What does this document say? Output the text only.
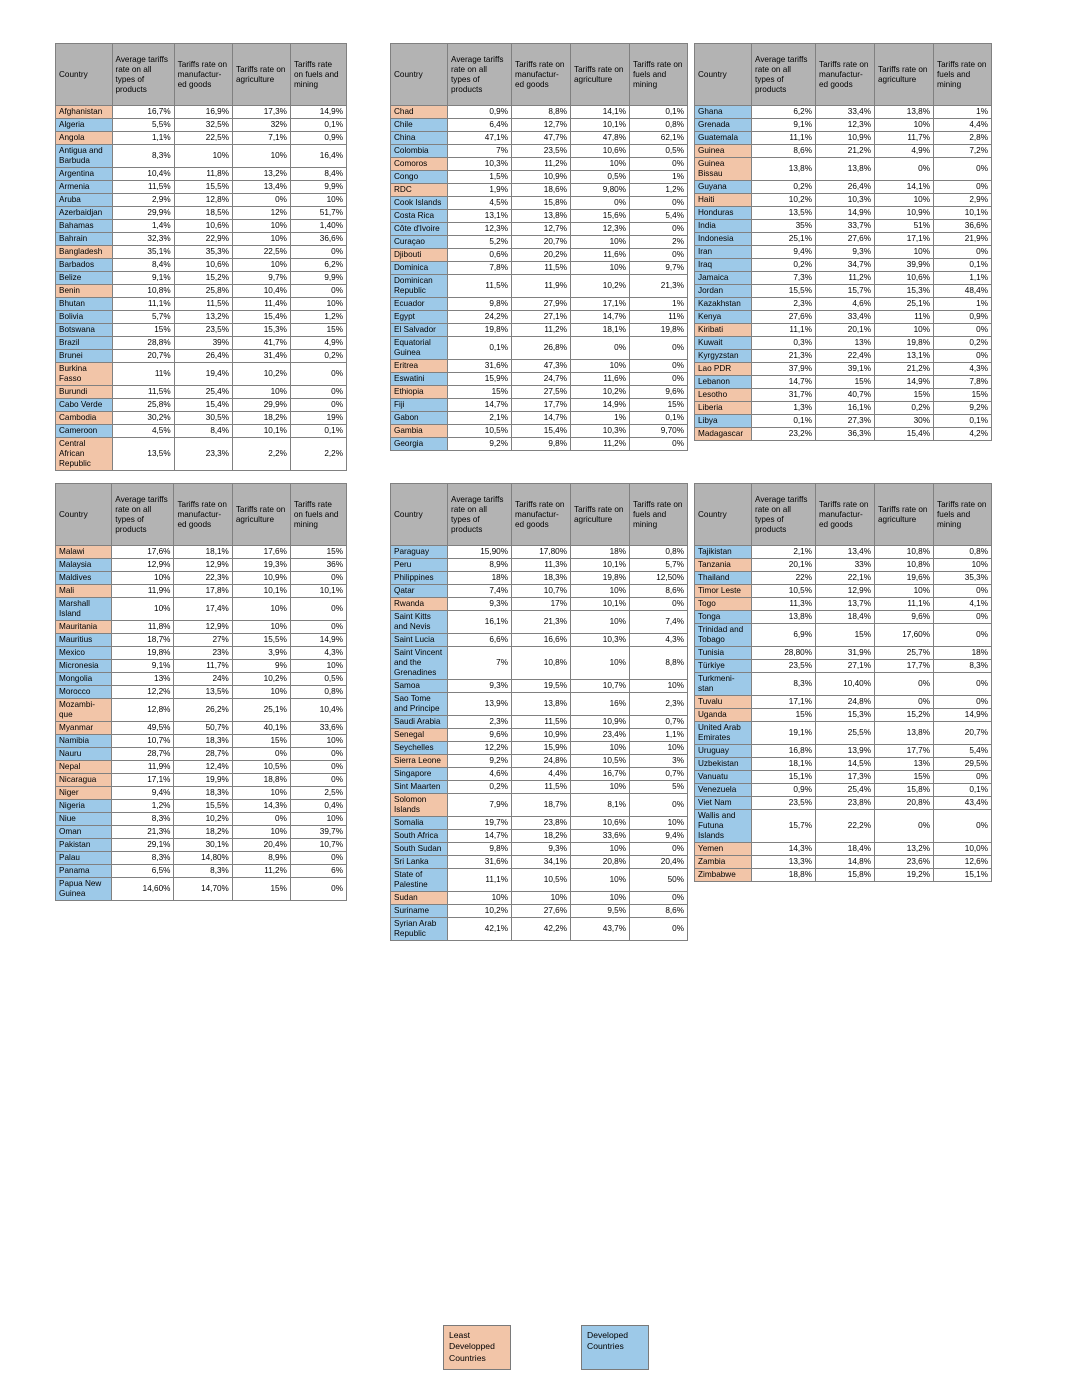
Country	Average tariffs rate on all types of products	Tariffs rate on manufactur-ed goods	Tariffs rate on agriculture	Tariffs rate on fuels and mining
Afghanistan	16,7%	16,9%	17,3%	14,9%
Algeria	5,5%	32,5%	32%	0,1%
Angola	1,1%	22,5%	7,1%	0,9%
Antigua and Barbuda	8,3%	10%	10%	16,4%
Argentina	10,4%	11,8%	13,2%	8,4%
Armenia	11,5%	15,5%	13,4%	9,9%
Aruba	2,9%	12,8%	0%	10%
Azerbaidjan	29,9%	18,5%	12%	51,7%
Bahamas	1,4%	10,6%	10%	1,40%
Bahrain	32,3%	22,9%	10%	36,6%
Bangladesh	35,1%	35,3%	22,5%	0%
Barbados	8,4%	10,6%	10%	6,2%
Belize	9,1%	15,2%	9,7%	9,9%
Benin	10,8%	25,8%	10,4%	0%
Bhutan	11,1%	11,5%	11,4%	10%
Bolivia	5,7%	13,2%	15,4%	1,2%
Botswana	15%	23,5%	15,3%	15%
Brazil	28,8%	39%	41,7%	4,9%
Brunei	20,7%	26,4%	31,4%	0,2%
Burkina Fasso	11%	19,4%	10,2%	0%
Burundi	11,5%	25,4%	10%	0%
Cabo Verde	25,8%	15,4%	29,9%	0%
Cambodia	30,2%	30,5%	18,2%	19%
Cameroon	4,5%	8,4%	10,1%	0,1%
Central African Republic	13,5%	23,3%	2,2%	2,2%
Country	Average tariffs rate on all types of products	Tariffs rate on manufactur-ed goods	Tariffs rate on agriculture	Tariffs rate on fuels and mining
Chad	0,9%	8,8%	14,1%	0,1%
Chile	6,4%	12,7%	10,1%	0,8%
China	47,1%	47,7%	47,8%	62,1%
Colombia	7%	23,5%	10,6%	0,5%
Comoros	10,3%	11,2%	10%	0%
Congo	1,5%	10,9%	0,5%	1%
RDC	1,9%	18,6%	9,80%	1,2%
Cook Islands	4,5%	15,8%	0%	0%
Costa Rica	13,1%	13,8%	15,6%	5,4%
Côte d'Ivoire	12,3%	12,7%	12,3%	0%
Curaçao	5,2%	20,7%	10%	2%
Djibouti	0,6%	20,2%	11,6%	0%
Dominica	7,8%	11,5%	10%	9,7%
Dominican Republic	11,5%	11,9%	10,2%	21,3%
Ecuador	9,8%	27,9%	17,1%	1%
Egypt	24,2%	27,1%	14,7%	11%
El Salvador	19,8%	11,2%	18,1%	19,8%
Equatorial Guinea	0,1%	26,8%	0%	0%
Eritrea	31,6%	47,3%	10%	0%
Eswatini	15,9%	24,7%	11,6%	0%
Ethiopia	15%	27,5%	10,2%	9,6%
Fiji	14,7%	17,7%	14,9%	15%
Gabon	2,1%	14,7%	1%	0,1%
Gambia	10,5%	15,4%	10,3%	9,70%
Georgia	9,2%	9,8%	11,2%	0%
Country	Average tariffs rate on all types of products	Tariffs rate on manufactur-ed goods	Tariffs rate on agriculture	Tariffs rate on fuels and mining
Ghana	6,2%	33,4%	13,8%	1%
Grenada	9,1%	12,3%	10%	4,4%
Guatemala	11,1%	10,9%	11,7%	2,8%
Guinea	8,6%	21,2%	4,9%	7,2%
Guinea Bissau	13,8%	13,8%	0%	0%
Guyana	0,2%	26,4%	14,1%	0%
Haiti	10,2%	10,3%	10%	2,9%
Honduras	13,5%	14,9%	10,9%	10,1%
India	35%	33,7%	51%	36,6%
Indonesia	25,1%	27,6%	17,1%	21,9%
Iran	9,4%	9,3%	10%	0%
Iraq	0,2%	34,7%	39,9%	0,1%
Jamaica	7,3%	11,2%	10,6%	1,1%
Jordan	15,5%	15,7%	15,3%	48,4%
Kazakhstan	2,3%	4,6%	25,1%	1%
Kenya	27,6%	33,4%	11%	0,9%
Kiribati	11,1%	20,1%	10%	0%
Kuwait	0,3%	13%	19,8%	0,2%
Kyrgyzstan	21,3%	22,4%	13,1%	0%
Lao PDR	37,9%	39,1%	21,2%	4,3%
Lebanon	14,7%	15%	14,9%	7,8%
Lesotho	31,7%	40,7%	15%	15%
Liberia	1,3%	16,1%	0,2%	9,2%
Libya	0,1%	27,3%	30%	0,1%
Madagascar	23,2%	36,3%	15,4%	4,2%
Country	Average tariffs rate on all types of products	Tariffs rate on manufactur-ed goods	Tariffs rate on agriculture	Tariffs rate on fuels and mining
Malawi	17,6%	18,1%	17,6%	15%
Malaysia	12,9%	12,9%	19,3%	36%
Maldives	10%	22,3%	10,9%	0%
Mali	11,9%	17,8%	10,1%	10,1%
Marshall Island	10%	17,4%	10%	0%
Mauritania	11,8%	12,9%	10%	0%
Mauritius	18,7%	27%	15,5%	14,9%
Mexico	19,8%	23%	3,9%	4,3%
Micronesia	9,1%	11,7%	9%	10%
Mongolia	13%	24%	10,2%	0,5%
Morocco	12,2%	13,5%	10%	0,8%
Mozambi-que	12,8%	26,2%	25,1%	10,4%
Myanmar	49,5%	50,7%	40,1%	33,6%
Namibia	10,7%	18,3%	15%	10%
Nauru	28,7%	28,7%	0%	0%
Nepal	11,9%	12,4%	10,5%	0%
Nicaragua	17,1%	19,9%	18,8%	0%
Niger	9,4%	18,3%	10%	2,5%
Nigeria	1,2%	15,5%	14,3%	0,4%
Niue	8,3%	10,2%	0%	10%
Oman	21,3%	18,2%	10%	39,7%
Pakistan	29,1%	30,1%	20,4%	10,7%
Palau	8,3%	14,80%	8,9%	0%
Panama	6,5%	8,3%	11,2%	6%
Papua New Guinea	14,60%	14,70%	15%	0%
Country	Average tariffs rate on all types of products	Tariffs rate on manufactur-ed goods	Tariffs rate on agriculture	Tariffs rate on fuels and mining
Paraguay	15,90%	17,80%	18%	0,8%
Peru	8,9%	11,3%	10,1%	5,7%
Philippines	18%	18,3%	19,8%	12,50%
Qatar	7,4%	10,7%	10%	8,6%
Rwanda	9,3%	17%	10,1%	0%
Saint Kitts and Nevis	16,1%	21,3%	10%	7,4%
Saint Lucia	6,6%	16,6%	10,3%	4,3%
Saint Vincent and the Grenadines	7%	10,8%	10%	8,8%
Samoa	9,3%	19,5%	10,7%	10%
Sao Tome and Principe	13,9%	13,8%	16%	2,3%
Saudi Arabia	2,3%	11,5%	10,9%	0,7%
Senegal	9,6%	10,9%	23,4%	1,1%
Seychelles	12,2%	15,9%	10%	10%
Sierra Leone	9,2%	24,8%	10,5%	3%
Singapore	4,6%	4,4%	16,7%	0,7%
Sint Maarten	0,2%	11,5%	10%	5%
Solomon Islands	7,9%	18,7%	8,1%	0%
Somalia	19,7%	23,8%	10,6%	10%
South Africa	14,7%	18,2%	33,6%	9,4%
South Sudan	9,8%	9,3%	10%	0%
Sri Lanka	31,6%	34,1%	20,8%	20,4%
State of Palestine	11,1%	10,5%	10%	50%
Sudan	10%	10%	10%	0%
Suriname	10,2%	27,6%	9,5%	8,6%
Syrian Arab Republic	42,1%	42,2%	43,7%	0%
Country	Average tariffs rate on all types of products	Tariffs rate on manufactur-ed goods	Tariffs rate on agriculture	Tariffs rate on fuels and mining
Tajikistan	2,1%	13,4%	10,8%	0,8%
Tanzania	20,1%	33%	10,8%	10%
Thailand	22%	22,1%	19,6%	35,3%
Timor Leste	10,5%	12,9%	10%	0%
Togo	11,3%	13,7%	11,1%	4,1%
Tonga	13,8%	18,4%	9,6%	0%
Trinidad and Tobago	6,9%	15%	17,60%	0%
Tunisia	28,80%	31,9%	25,7%	18%
Türkiye	23,5%	27,1%	17,7%	8,3%
Turkmeni-stan	8,3%	10,40%	0%	0%
Tuvalu	17,1%	24,8%	0%	0%
Uganda	15%	15,3%	15,2%	14,9%
United Arab Emirates	19,1%	25,5%	13,8%	20,7%
Uruguay	16,8%	13,9%	17,7%	5,4%
Uzbekistan	18,1%	14,5%	13%	29,5%
Vanuatu	15,1%	17,3%	15%	0%
Venezuela	0,9%	25,4%	15,8%	0,1%
Viet Nam	23,5%	23,8%	20,8%	43,4%
Wallis and Futuna Islands	15,7%	22,2%	0%	0%
Yemen	14,3%	18,4%	13,2%	10,0%
Zambia	13,3%	14,8%	23,6%	12,6%
Zimbabwe	18,8%	15,8%	19,2%	15,1%
Least Developped Countries
Developed Countries
